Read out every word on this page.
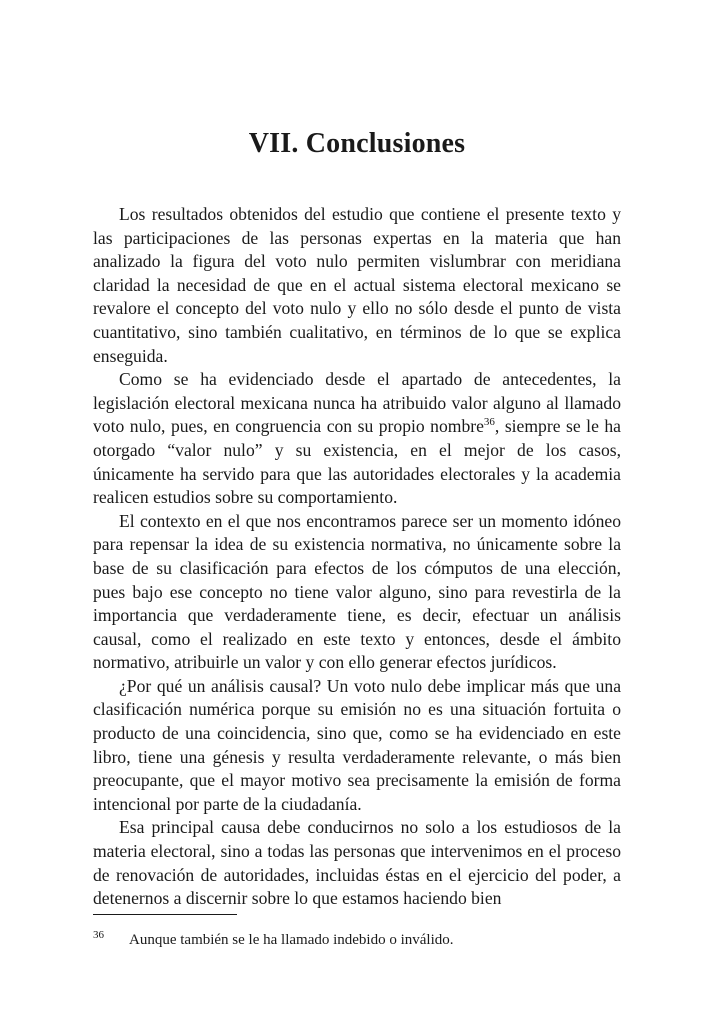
VII. Conclusiones

Los resultados obtenidos del estudio que contiene el presente texto y las participaciones de las personas expertas en la materia que han analizado la figura del voto nulo permiten vislumbrar con meridiana claridad la necesidad de que en el actual sistema electoral mexicano se revalore el concepto del voto nulo y ello no sólo desde el punto de vista cuantitativo, sino también cualitativo, en términos de lo que se explica enseguida.

Como se ha evidenciado desde el apartado de antecedentes, la legislación electoral mexicana nunca ha atribuido valor alguno al llamado voto nulo, pues, en congruencia con su propio nombre$^{36}$, siempre se le ha otorgado “valor nulo” y su existencia, en el mejor de los casos, únicamente ha servido para que las autoridades electorales y la academia realicen estudios sobre su comportamiento.

El contexto en el que nos encontramos parece ser un momento idóneo para repensar la idea de su existencia normativa, no únicamente sobre la base de su clasificación para efectos de los cómputos de una elección, pues bajo ese concepto no tiene valor alguno, sino para revestirla de la importancia que verdaderamente tiene, es decir, efectuar un análisis causal, como el realizado en este texto y entonces, desde el ámbito normativo, atribuirle un valor y con ello generar efectos jurídicos.

¿Por qué un análisis causal? Un voto nulo debe implicar más que una clasificación numérica porque su emisión no es una situación fortuita o producto de una coincidencia, sino que, como se ha evidenciado en este libro, tiene una génesis y resulta verdaderamente relevante, o más bien preocupante, que el mayor motivo sea precisamente la emisión de forma intencional por parte de la ciudadanía.

Esa principal causa debe conducirnos no solo a los estudiosos de la materia electoral, sino a todas las personas que intervenimos en el proceso de renovación de autoridades, incluidas éstas en el ejercicio del poder, a detenernos a discernir sobre lo que estamos haciendo bien

36 Aunque también se le ha llamado indebido o inválido.
